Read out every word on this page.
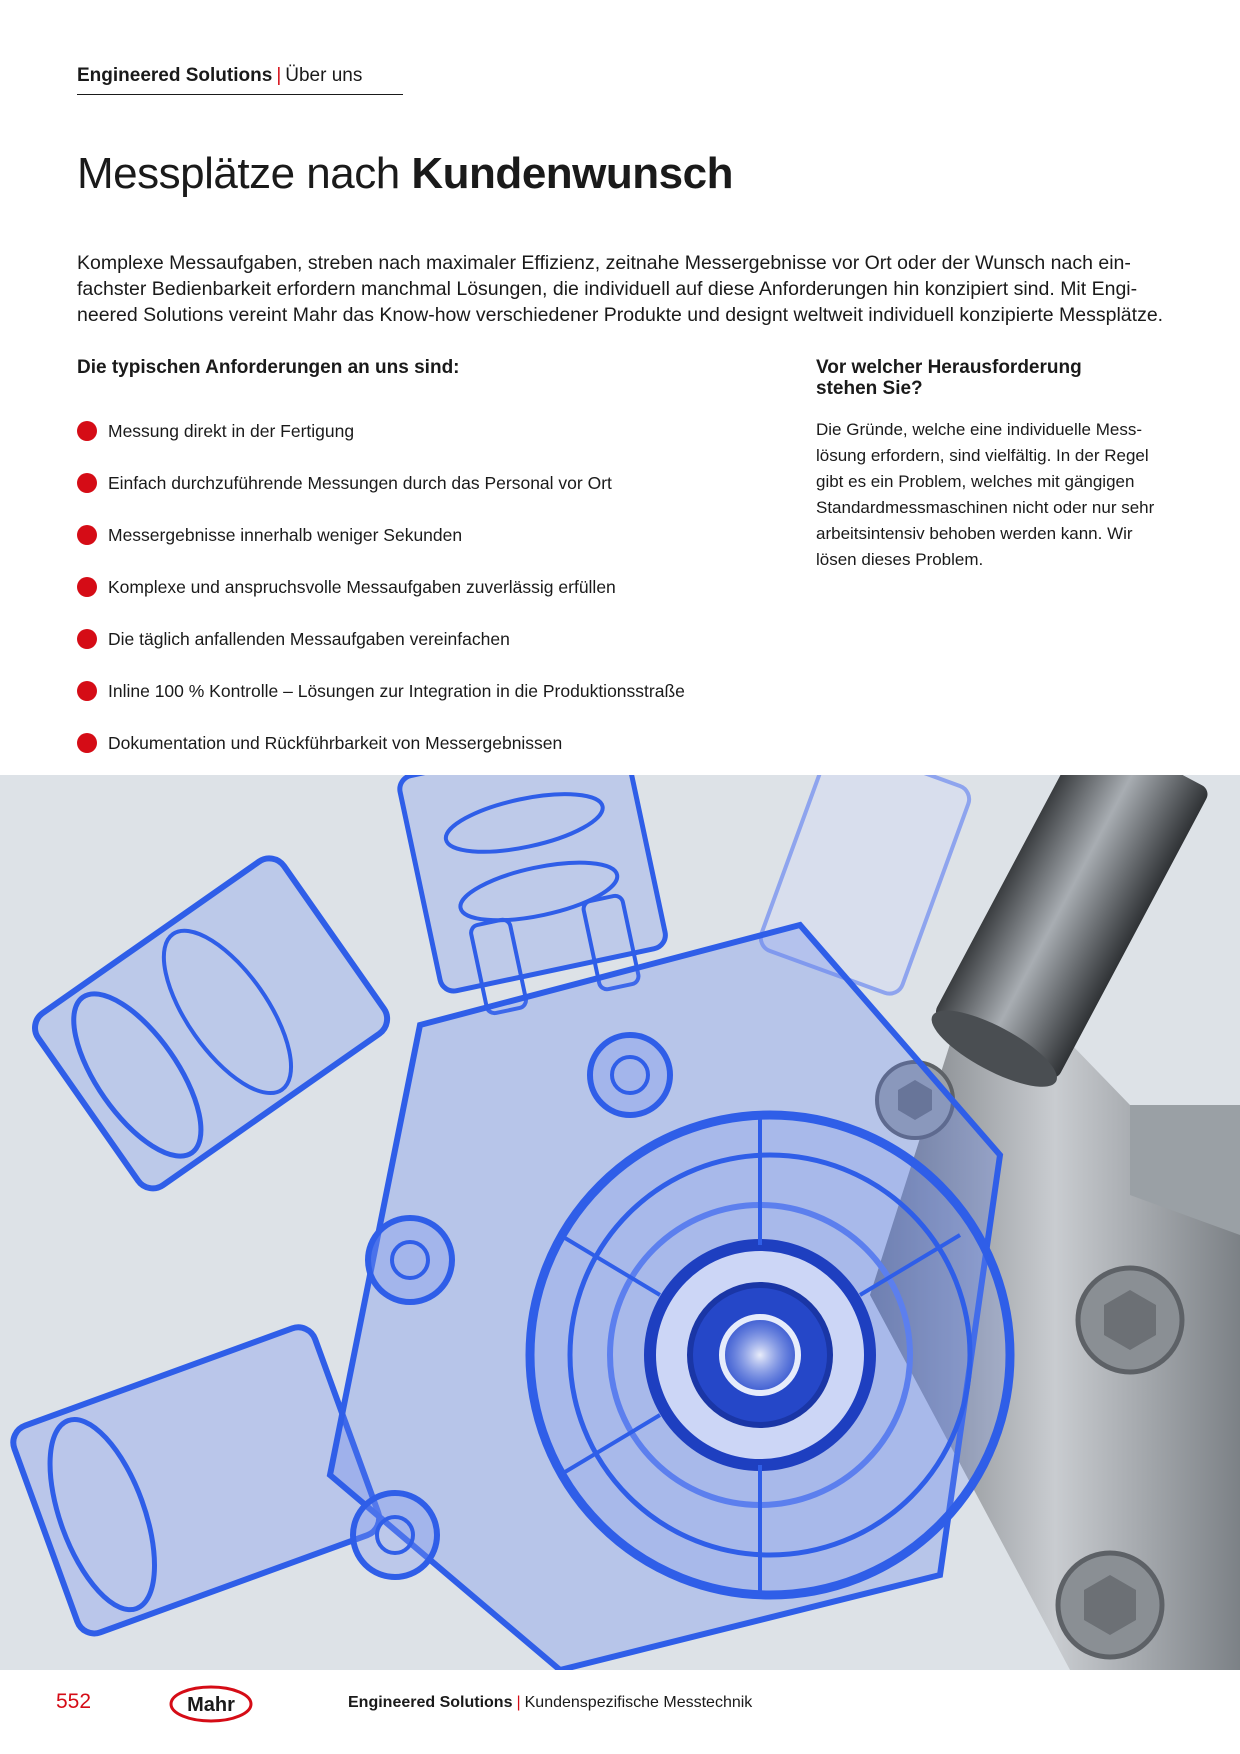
Engineered Solutions | Über uns
Messplätze nach Kundenwunsch

Komplexe Messaufgaben, streben nach maximaler Effizienz, zeitnahe Messergebnisse vor Ort oder der Wunsch nach ein-
fachster Bedienbarkeit erfordern manchmal Lösungen, die individuell auf diese Anforderungen hin konzipiert sind. Mit Engi-
neered Solutions vereint Mahr das Know-how verschiedener Produkte und designt weltweit individuell konzipierte Messplätze.

Die typischen Anforderungen an uns sind:
Messung direkt in der Fertigung
Einfach durchzuführende Messungen durch das Personal vor Ort
Messergebnisse innerhalb weniger Sekunden
Komplexe und anspruchsvolle Messaufgaben zuverlässig erfüllen
Die täglich anfallenden Messaufgaben vereinfachen
Inline 100 % Kontrolle – Lösungen zur Integration in die Produktionsstraße
Dokumentation und Rückführbarkeit von Messergebnissen
Vor welcher Herausforderung
stehen Sie?

Die Gründe, welche eine individuelle Mess-
lösung erfordern, sind vielfältig. In der Regel
gibt es ein Problem, welches mit gängigen
Standardmessmaschinen nicht oder nur sehr
arbeitsintensiv behoben werden kann. Wir
lösen dieses Problem.

552	Mahr	Engineered Solutions | Kundenspezifische Messtechnik
